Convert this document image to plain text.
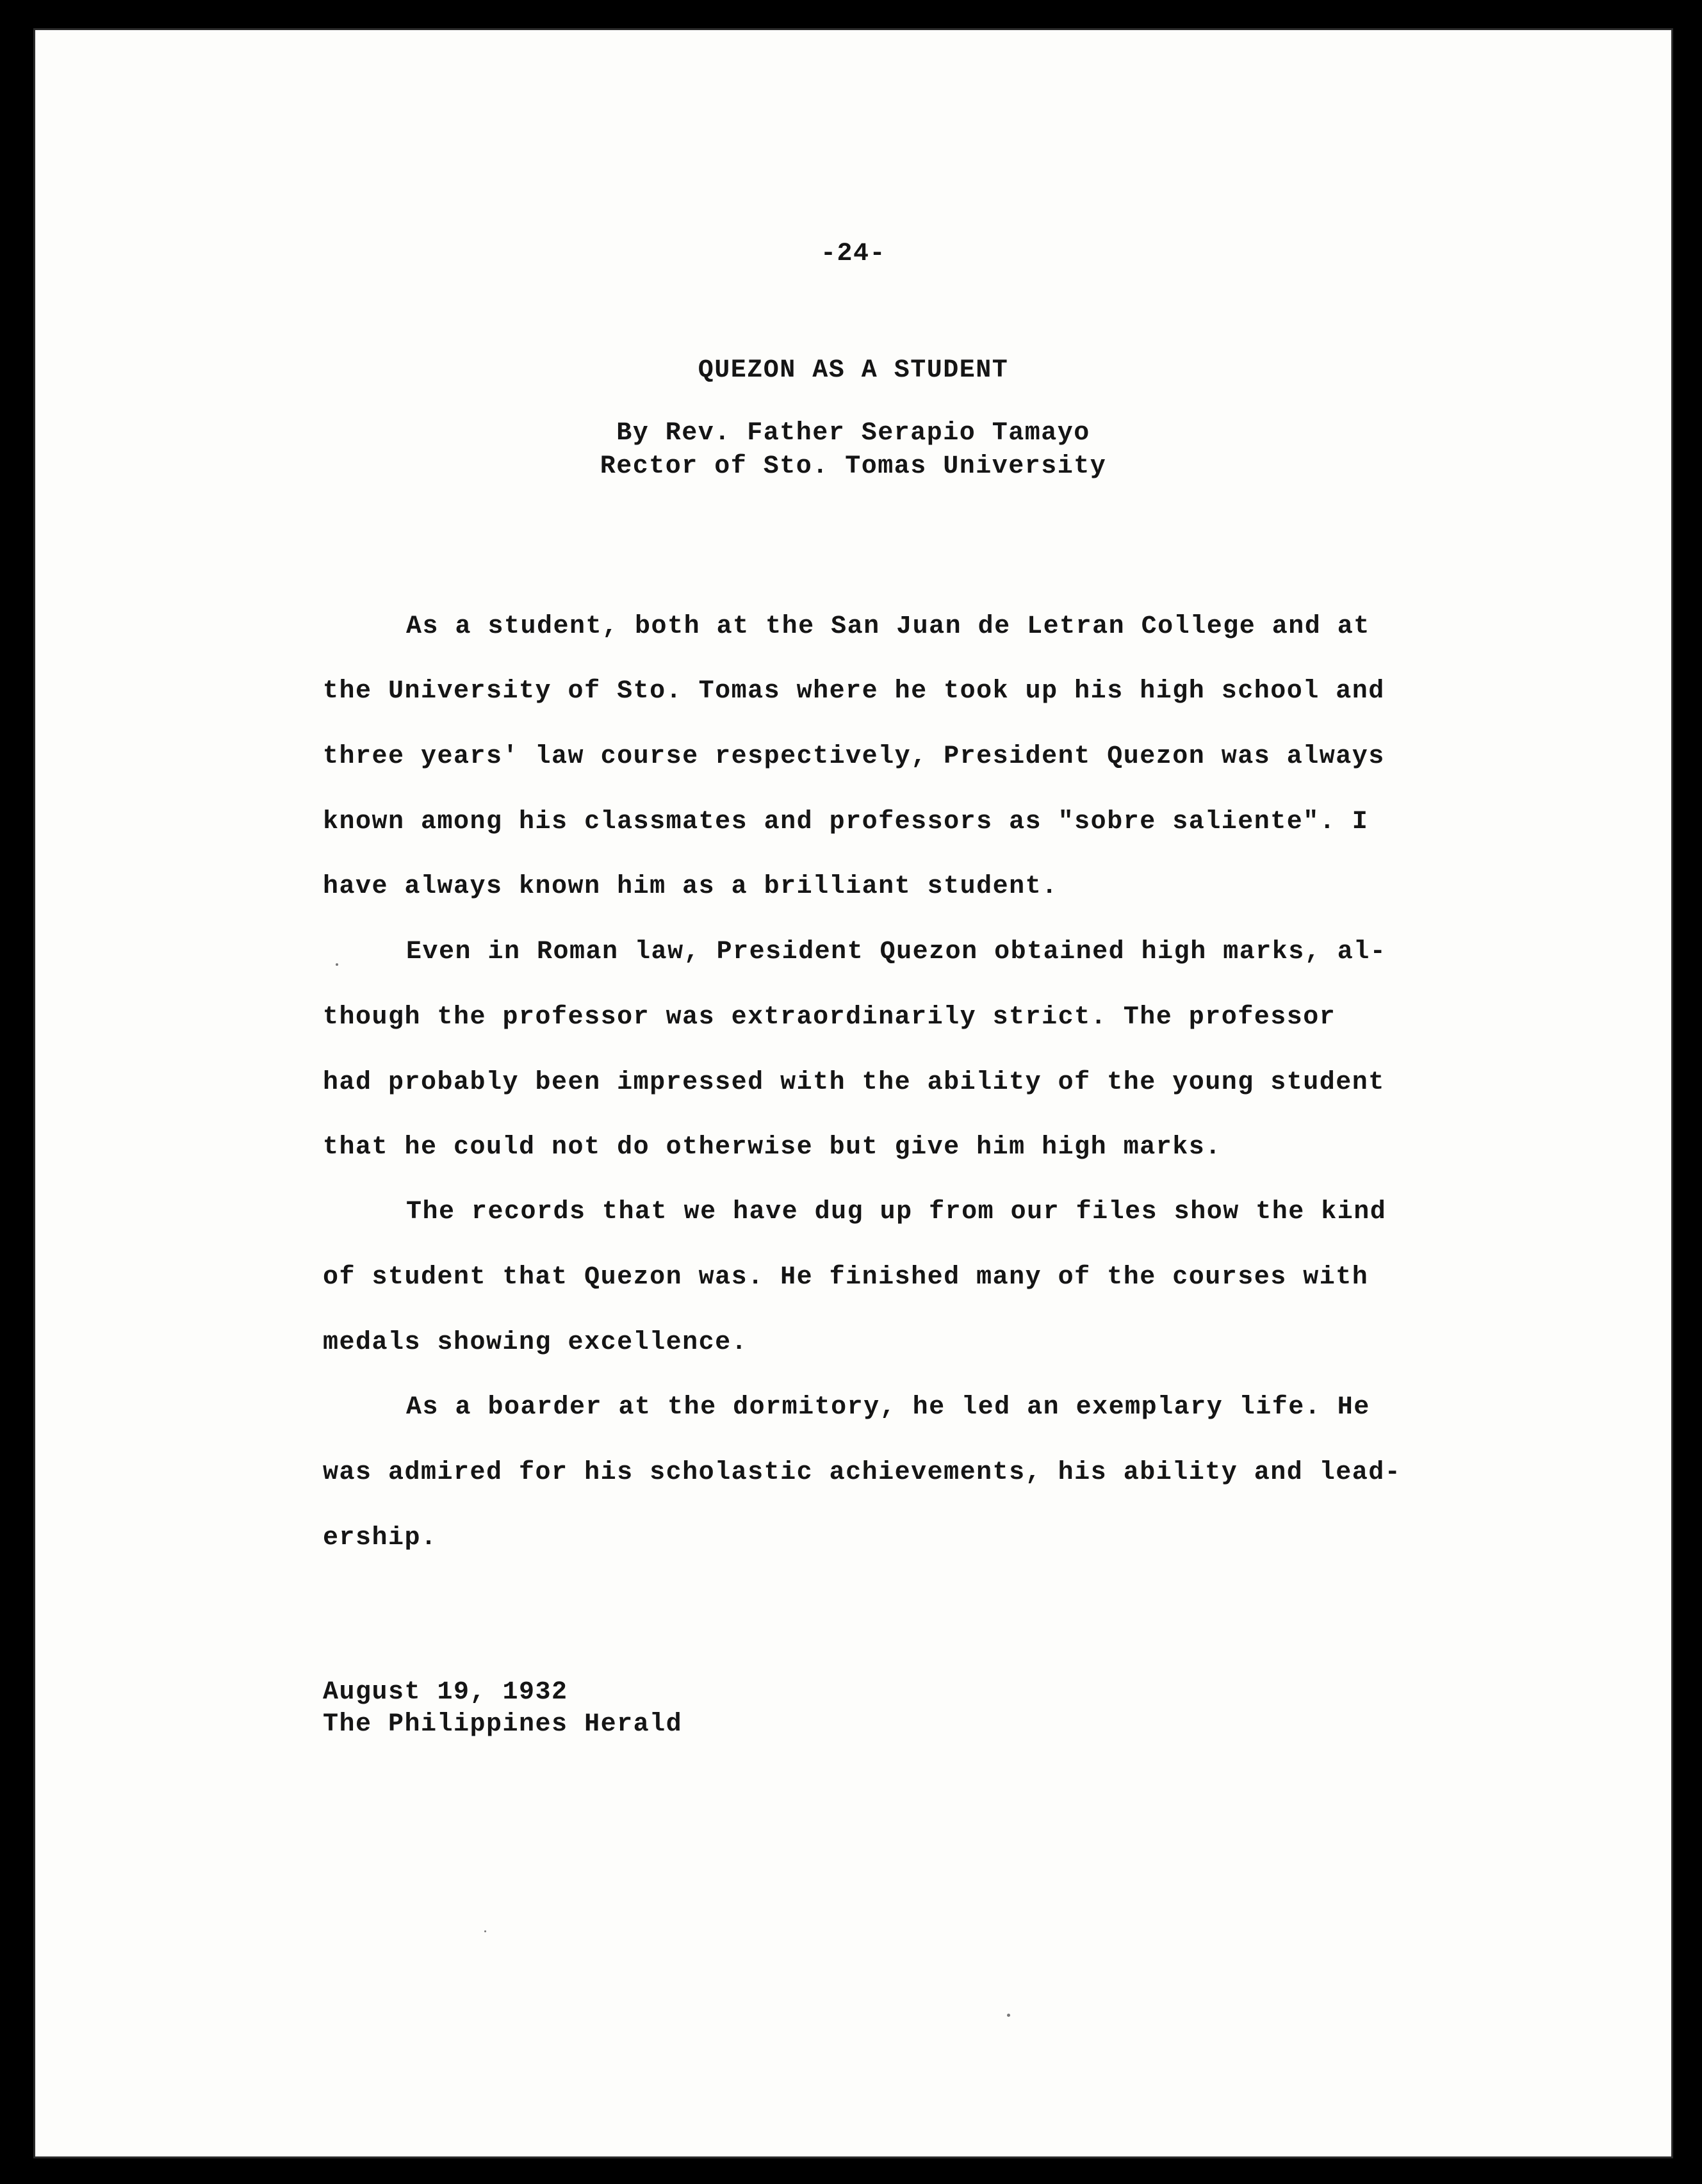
-24-
QUEZON AS A STUDENT
By Rev. Father Serapio Tamayo
Rector of Sto. Tomas University
As a student, both at the San Juan de Letran College and at
the University of Sto. Tomas where he took up his high school and
three years' law course respectively, President Quezon was always
known among his classmates and professors as "sobre saliente". I
have always known him as a brilliant student.
Even in Roman law, President Quezon obtained high marks, al-
though the professor was extraordinarily strict. The professor
had probably been impressed with the ability of the young student
that he could not do otherwise but give him high marks.
The records that we have dug up from our files show the kind
of student that Quezon was. He finished many of the courses with
medals showing excellence.
As a boarder at the dormitory, he led an exemplary life. He
was admired for his scholastic achievements, his ability and lead-
ership.
August 19, 1932
The Philippines Herald
